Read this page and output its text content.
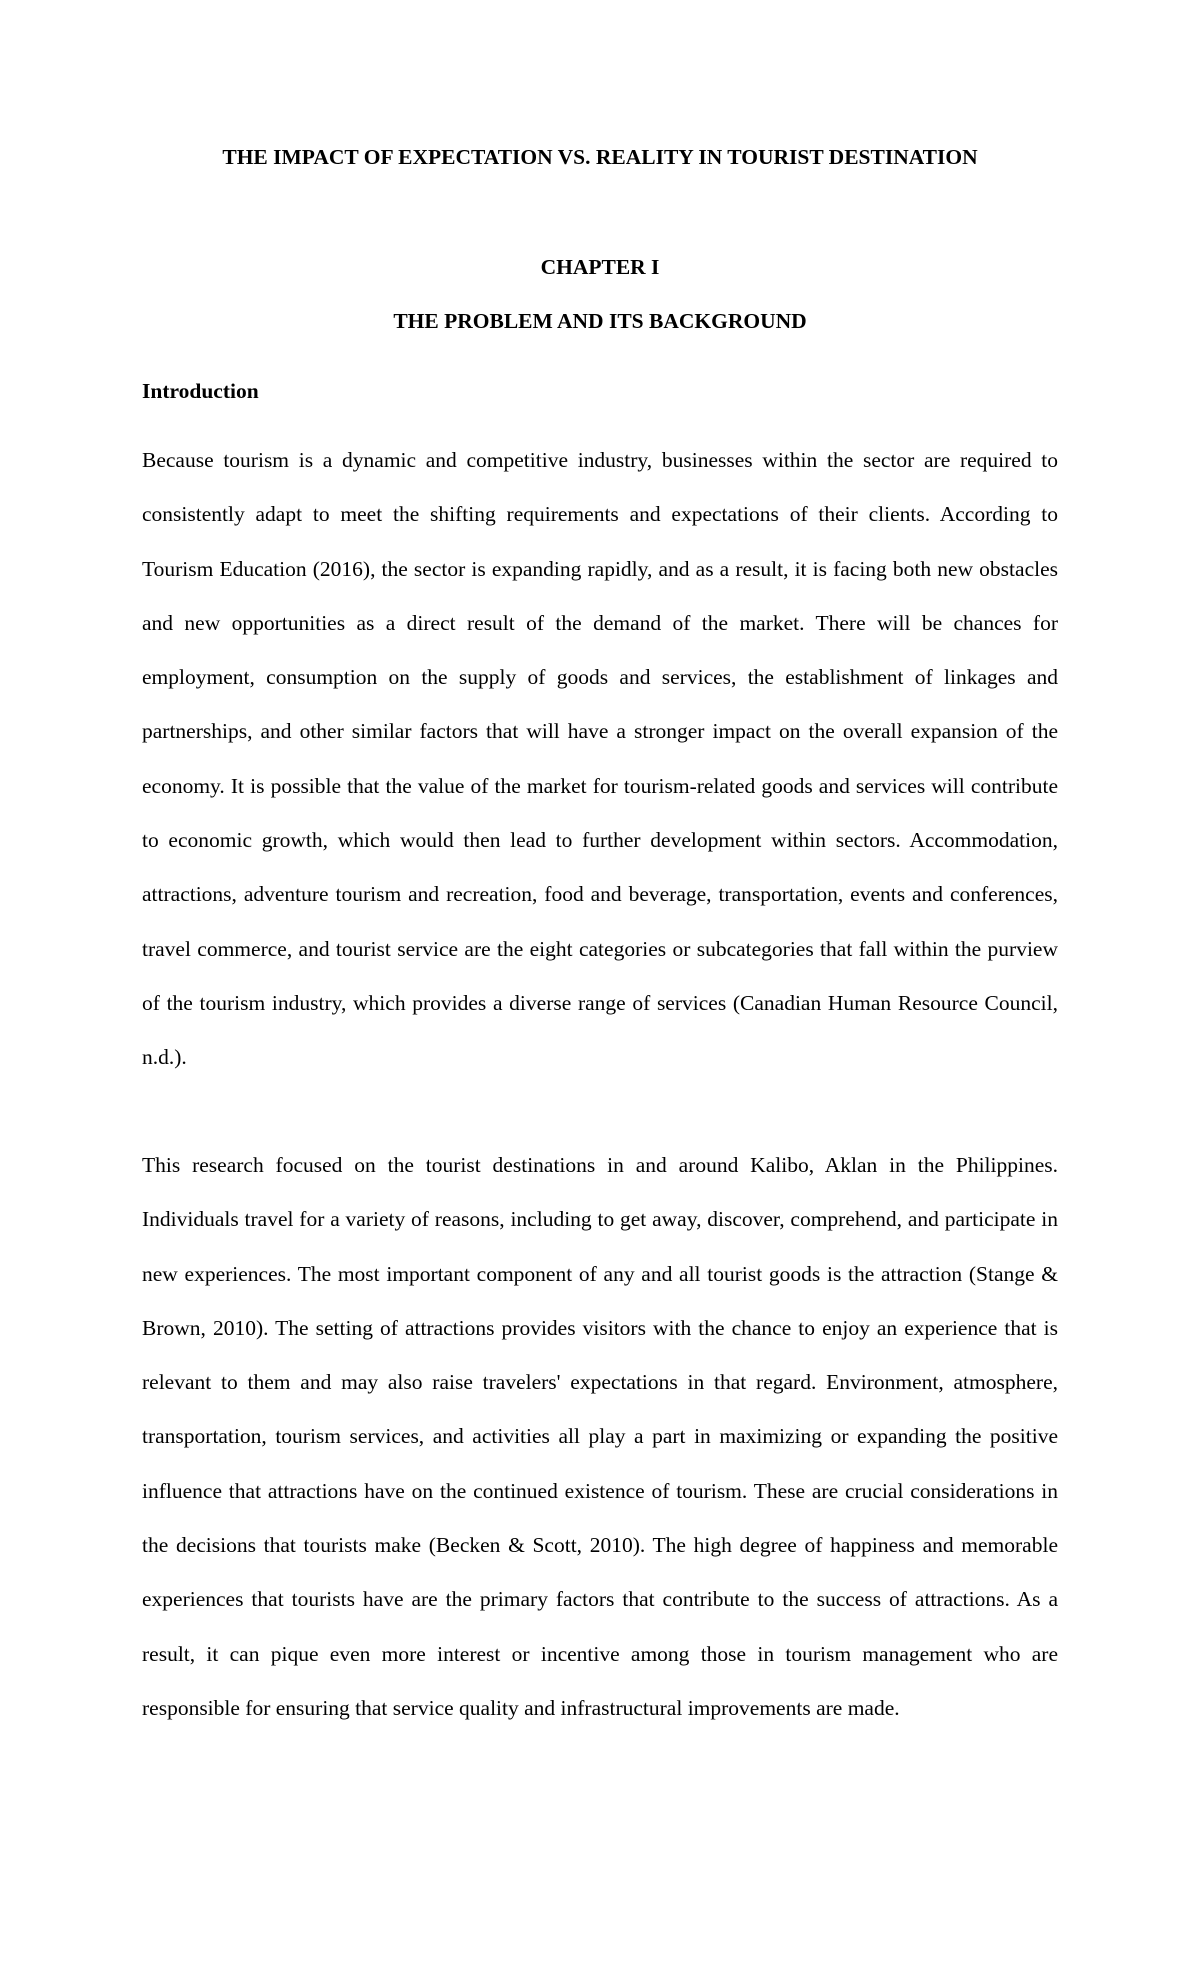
THE IMPACT OF EXPECTATION VS. REALITY IN TOURIST DESTINATION
CHAPTER I
THE PROBLEM AND ITS BACKGROUND
Introduction

Because tourism is a dynamic and competitive industry, businesses within the sector are required to consistently adapt to meet the shifting requirements and expectations of their clients. According to Tourism Education (2016), the sector is expanding rapidly, and as a result, it is facing both new obstacles and new opportunities as a direct result of the demand of the market. There will be chances for employment, consumption on the supply of goods and services, the establishment of linkages and partnerships, and other similar factors that will have a stronger impact on the overall expansion of the economy. It is possible that the value of the market for tourism-related goods and services will contribute to economic growth, which would then lead to further development within sectors. Accommodation, attractions, adventure tourism and recreation, food and beverage, transportation, events and conferences, travel commerce, and tourist service are the eight categories or subcategories that fall within the purview of the tourism industry, which provides a diverse range of services (Canadian Human Resource Council, n.d.).

This research focused on the tourist destinations in and around Kalibo, Aklan in the Philippines. Individuals travel for a variety of reasons, including to get away, discover, comprehend, and participate in new experiences. The most important component of any and all tourist goods is the attraction (Stange & Brown, 2010). The setting of attractions provides visitors with the chance to enjoy an experience that is relevant to them and may also raise travelers' expectations in that regard. Environment, atmosphere, transportation, tourism services, and activities all play a part in maximizing or expanding the positive influence that attractions have on the continued existence of tourism. These are crucial considerations in the decisions that tourists make (Becken & Scott, 2010). The high degree of happiness and memorable experiences that tourists have are the primary factors that contribute to the success of attractions. As a result, it can pique even more interest or incentive among those in tourism management who are responsible for ensuring that service quality and infrastructural improvements are made.
